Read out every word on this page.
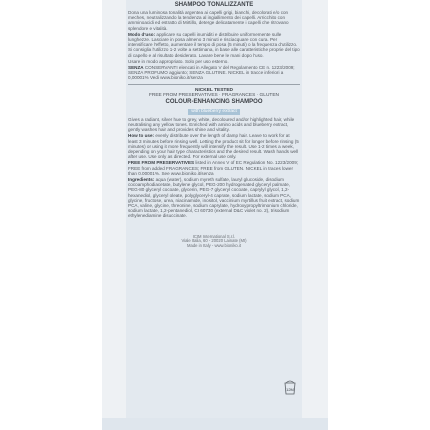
SHAMPOO TONALIZZANTE

Dona una luminosa tonalità argentea ai capelli grigi, bianchi, decolorati e/o con meches, neutralizzando la tendenza al ingiallimento dei capelli. Arricchito con amminoacidi ed estratto di Mirtillo, deterge delicatamente i capelli che ritrovano splendore e vitalità.

Modo d'uso: applicare su capelli inumiditi e distribuire uniformemente sulle lunghezze. Lasciare in posa almeno 3 minuti e risciacquare con cura. Per intensificare l'effetto, aumentare il tempo di posa (5 minuti) o la frequenza d'utilizzo. Si consiglia l'utilizzo 1-2 volte a settimana, in base alle caratteristiche proprie del tipo di capello e al risultato desiderato. Lavare bene le mani dopo l'uso.

Usare in modo appropriato. Solo per uso esterno.

SENZA CONSERVANTI elencati in Allegato V del Regolamento CE n. 1223/2009; SENZA PROFUMO aggiunto; SENZA GLUTINE. NICKEL in tracce inferiori a 0,00001% Vedi www.bioniko.it/senza

NICKEL TESTED
FREE FROM PRESERVATIVES · FRAGRANCES · GLUTEN
COLOUR-ENHANCING SHAMPOO
with blueberry extract

Gives a radiant, silver hue to grey, white, decoloured and/or highlighted hair, while neutralising any yellow tones. Enriched with amino acids and blueberry extract, gently washes hair and provides shine and vitality.

How to use: evenly distribute over the length of damp hair. Leave to work for at least 3 minutes before rinsing well. Letting the product sit for longer before rinsing (5 minutes) or using it more frequently will intensify the result. Use 1-2 times a week, depending on your hair type characteristics and the desired result. Wash hands well after use. Use only as directed. For external use only.

FREE FROM PRESERVATIVES listed in Annex V of EC Regulation No. 1223/2009; FREE from added FRAGRANCES; FREE from GLUTEN. NICKEL in traces lower than 0.00001%. See www.bioniko.it/senza

Ingredients: aqua (water), sodium myreth sulfate, lauryl glucoside, disodium cocoamphodiacetate, butylene glycol, PEG-200 hydrogenated glyceryl palmate, PEG-80 glyceryl cocoate, glycerin, PEG-7 glyceryl cocoate, caprylyl glycol, 1,2-hexanediol, glyceryl oleate, polyglyceryl-4 caprate, sodium lactate, sodium PCA, glycine, fructose, urea, niacinamide, inositol, vaccinium myrtillus fruit extract, sodium PCA, valine, glycine, threonine, sodium caprylate, hydroxypropyltrimonium chloride, sodium lactate, 1,2-pentanediol, CI 60730 (external D&C violet no. 2), trisodium ethylenediamine disuccinate.

ICIM International S.r.l.
Viale Italia, 60 - 20020 Lainate (MI)
Made in Italy - www.bioniko.it
12M
